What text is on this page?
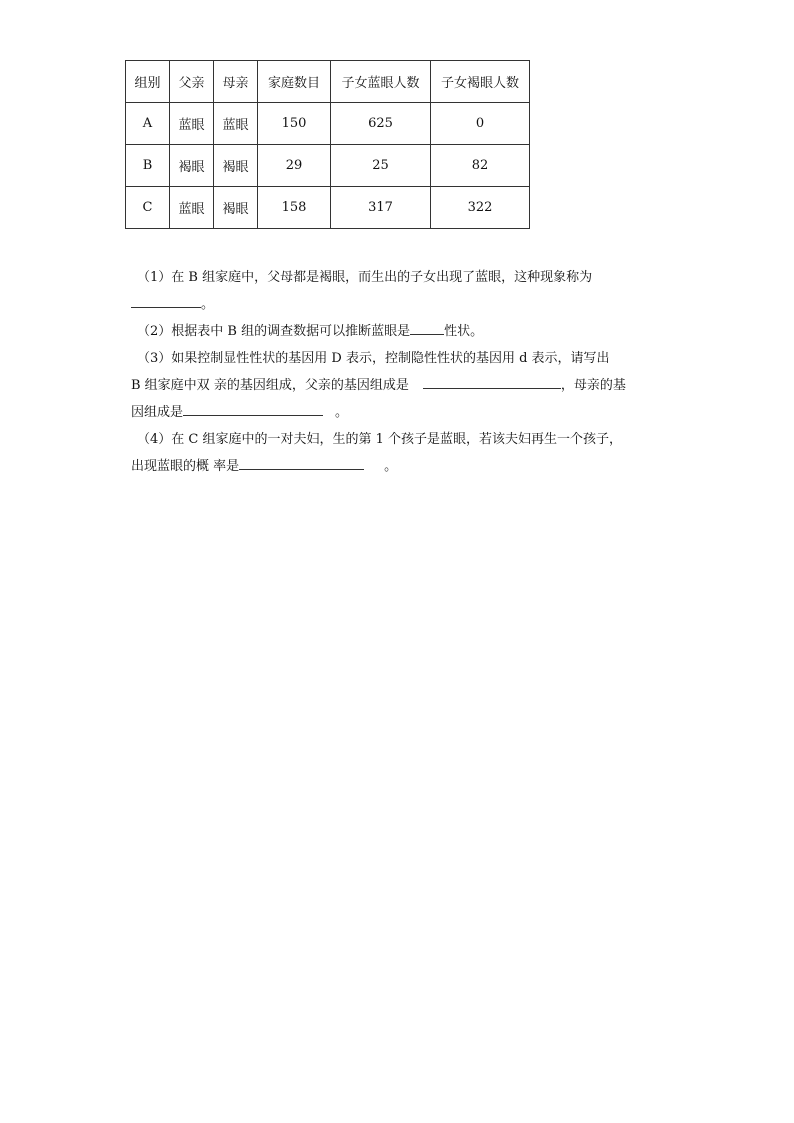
组别	父亲	母亲	家庭数目	子女蓝眼人数	子女褐眼人数
A	蓝眼	蓝眼	150	625	0
B	褐眼	褐眼	29	25	82
C	蓝眼	褐眼	158	317	322
（1）在 B 组家庭中，父母都是褐眼，而生出的子女出现了蓝眼，这种现象称为
。
（2）根据表中 B 组的调查数据可以推断蓝眼是	性状。
（3）如果控制显性性状的基因用 D 表示，控制隐性性状的基因用 d 表示，请写出
B 组家庭中双 亲的基因组成，父亲的基因组成是	，母亲的基
因组成是	。
（4）在 C 组家庭中的一对夫妇，生的第 1 个孩子是蓝眼，若该夫妇再生一个孩子，
出现蓝眼的概 率是	。
